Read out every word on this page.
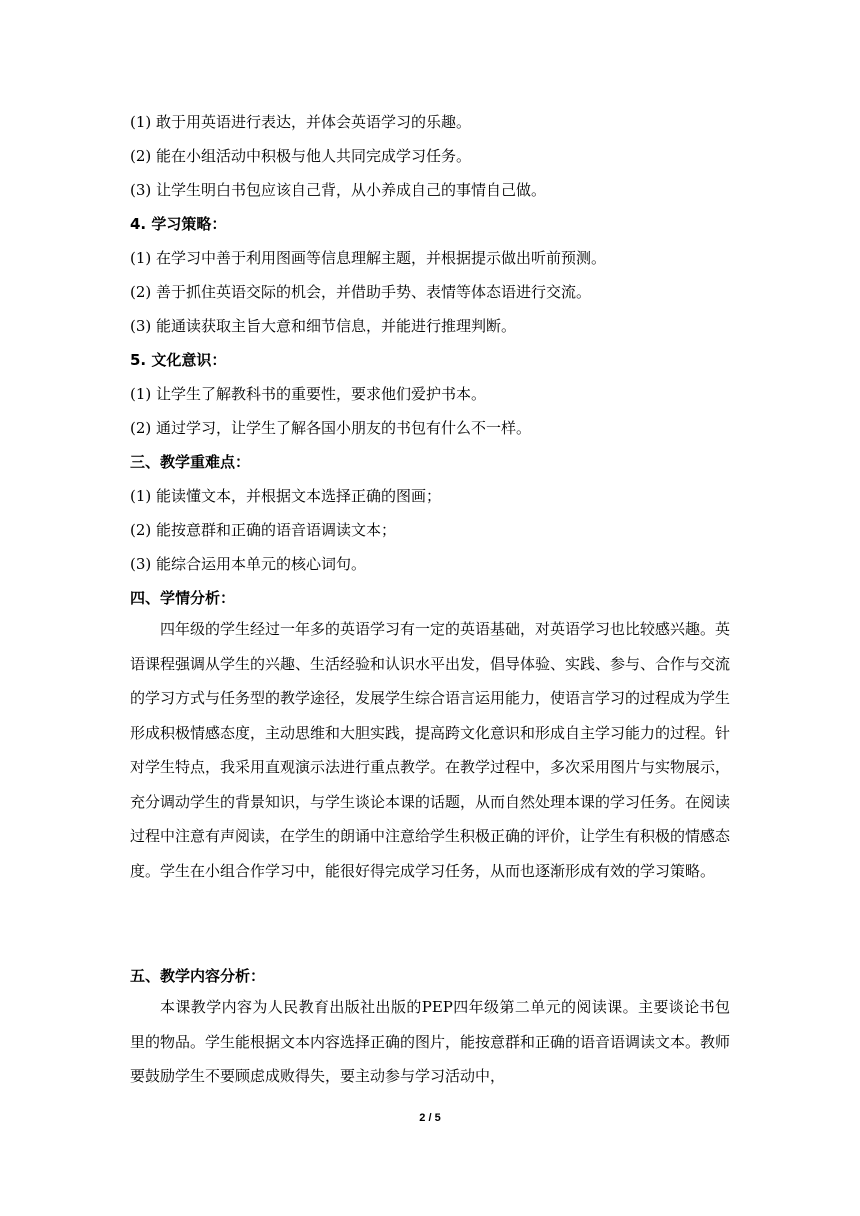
(1) 敢于用英语进行表达，并体会英语学习的乐趣。
(2) 能在小组活动中积极与他人共同完成学习任务。
(3) 让学生明白书包应该自己背，从小养成自己的事情自己做。
4. 学习策略：
(1) 在学习中善于利用图画等信息理解主题，并根据提示做出听前预测。
(2) 善于抓住英语交际的机会，并借助手势、表情等体态语进行交流。
(3) 能通读获取主旨大意和细节信息，并能进行推理判断。
5. 文化意识：
(1) 让学生了解教科书的重要性，要求他们爱护书本。
(2) 通过学习，让学生了解各国小朋友的书包有什么不一样。
三、教学重难点：
(1) 能读懂文本，并根据文本选择正确的图画；
(2) 能按意群和正确的语音语调读文本；
(3) 能综合运用本单元的核心词句。
四、学情分析：
四年级的学生经过一年多的英语学习有一定的英语基础，对英语学习也比较感兴趣。英语课程强调从学生的兴趣、生活经验和认识水平出发，倡导体验、实践、参与、合作与交流的学习方式与任务型的教学途径，发展学生综合语言运用能力，使语言学习的过程成为学生形成积极情感态度，主动思维和大胆实践，提高跨文化意识和形成自主学习能力的过程。针对学生特点，我采用直观演示法进行重点教学。在教学过程中，多次采用图片与实物展示，充分调动学生的背景知识，与学生谈论本课的话题，从而自然处理本课的学习任务。在阅读过程中注意有声阅读，在学生的朗诵中注意给学生积极正确的评价，让学生有积极的情感态度。学生在小组合作学习中，能很好得完成学习任务，从而也逐渐形成有效的学习策略。
五、教学内容分析：
本课教学内容为人民教育出版社出版的PEP四年级第二单元的阅读课。主要谈论书包里的物品。学生能根据文本内容选择正确的图片，能按意群和正确的语音语调读文本。教师要鼓励学生不要顾虑成败得失，要主动参与学习活动中，
2 / 5
